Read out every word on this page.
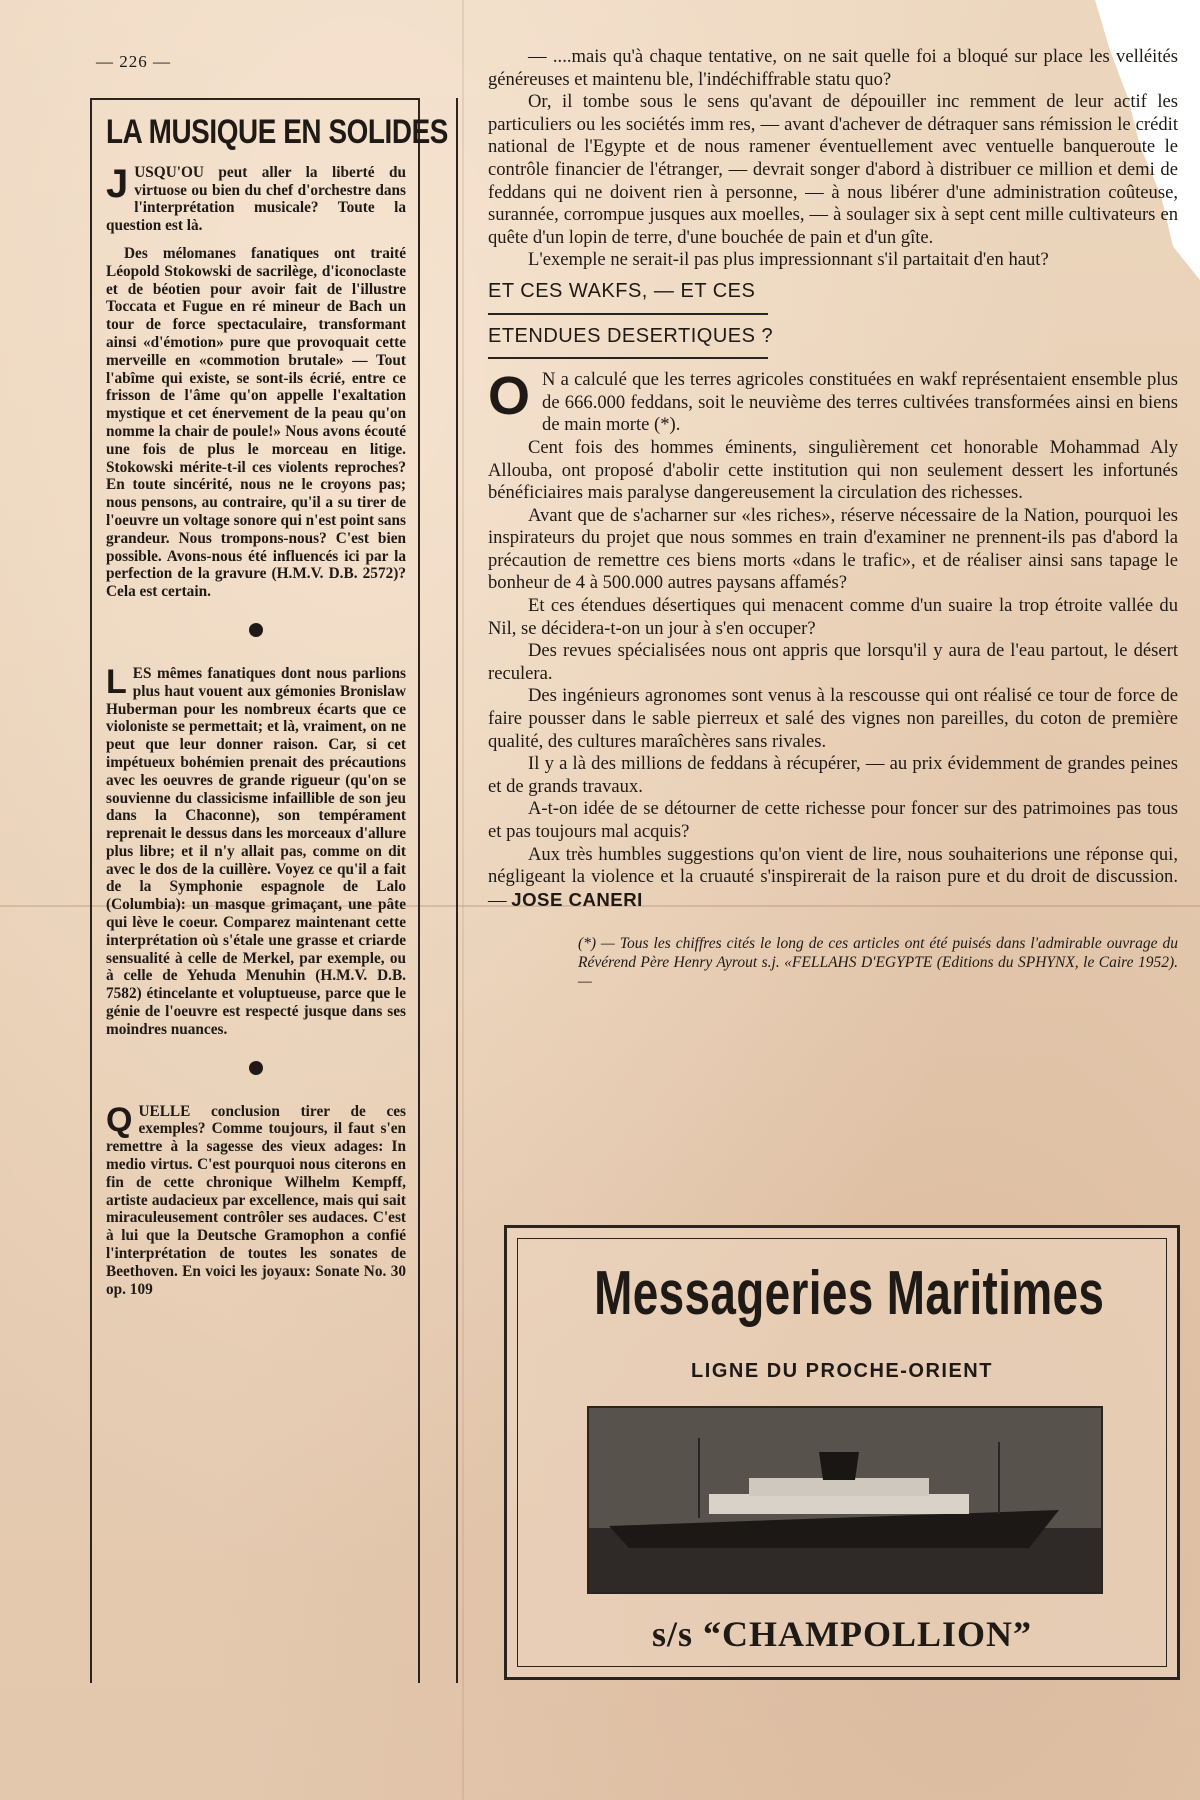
— 226 —
LA MUSIQUE EN SOLIDES

JUSQU'OU peut aller la liberté du virtuose ou bien du chef d'orchestre dans l'interprétation musicale? Toute la question est là.

Des mélomanes fanatiques ont traité Léopold Stokowski de sacrilège, d'iconoclaste et de béotien pour avoir fait de l'illustre Toccata et Fugue en ré mineur de Bach un tour de force spectaculaire, transformant ainsi «d'émotion» pure que provoquait cette merveille en «commotion brutale» — Tout l'abîme qui existe, se sont-ils écrié, entre ce frisson de l'âme qu'on appelle l'exaltation mystique et cet énervement de la peau qu'on nomme la chair de poule!» Nous avons écouté une fois de plus le morceau en litige. Stokowski mérite-t-il ces violents reproches? En toute sincérité, nous ne le croyons pas; nous pensons, au contraire, qu'il a su tirer de l'oeuvre un voltage sonore qui n'est point sans grandeur. Nous trompons-nous? C'est bien possible. Avons-nous été influencés ici par la perfection de la gravure (H.M.V. D.B. 2572)? Cela est certain.

LES mêmes fanatiques dont nous parlions plus haut vouent aux gémonies Bronislaw Huberman pour les nombreux écarts que ce violoniste se permettait; et là, vraiment, on ne peut que leur donner raison. Car, si cet impétueux bohémien prenait des précautions avec les oeuvres de grande rigueur (qu'on se souvienne du classicisme infaillible de son jeu dans la Chaconne), son tempérament reprenait le dessus dans les morceaux d'allure plus libre; et il n'y allait pas, comme on dit avec le dos de la cuillère. Voyez ce qu'il a fait de la Symphonie espagnole de Lalo (Columbia): un masque grimaçant, une pâte qui lève le coeur. Comparez maintenant cette interprétation où s'étale une grasse et criarde sensualité à celle de Merkel, par exemple, ou à celle de Yehuda Menuhin (H.M.V. D.B. 7582) étincelante et voluptueuse, parce que le génie de l'oeuvre est respecté jusque dans ses moindres nuances.

QUELLE conclusion tirer de ces exemples? Comme toujours, il faut s'en remettre à la sagesse des vieux adages: In medio virtus. C'est pourquoi nous citerons en fin de cette chronique Wilhelm Kempff, artiste audacieux par excellence, mais qui sait miraculeusement contrôler ses audaces. C'est à lui que la Deutsche Gramophon a confié l'interprétation de toutes les sonates de Beethoven. En voici les joyaux: Sonate No. 30 op. 109

— ....mais qu'à chaque tentative, on ne sait quelle foi a bloqué sur place les velléités généreuses et maintenu ble, l'indéchiffrable statu quo?

Or, il tombe sous le sens qu'avant de dépouiller inc remment de leur actif les particuliers ou les sociétés imm res, — avant d'achever de détraquer sans rémission le crédit national de l'Egypte et de nous ramener éventuellement avec ventuelle banqueroute le contrôle financier de l'étranger, — devrait songer d'abord à distribuer ce million et demi de feddans qui ne doivent rien à personne, — à nous libérer d'une administration coûteuse, surannée, corrompue jusques aux moelles, — à soulager six à sept cent mille cultivateurs en quête d'un lopin de terre, d'une bouchée de pain et d'un gîte.

L'exemple ne serait-il pas plus impressionnant s'il partaitait d'en haut?

ET CES WAKFS, — ET CES
ETENDUES DESERTIQUES ?

O N a calculé que les terres agricoles constituées en wakf représentaient ensemble plus de 666.000 feddans, soit le neuvième des terres cultivées transformées ainsi en biens de main morte (*).

Cent fois des hommes éminents, singulièrement cet honorable Mohammad Aly Allouba, ont proposé d'abolir cette institution qui non seulement dessert les infortunés bénéficiaires mais paralyse dangereusement la circulation des richesses.

Avant que de s'acharner sur «les riches», réserve nécessaire de la Nation, pourquoi les inspirateurs du projet que nous sommes en train d'examiner ne prennent-ils pas d'abord la précaution de remettre ces biens morts «dans le trafic», et de réaliser ainsi sans tapage le bonheur de 4 à 500.000 autres paysans affamés?

Et ces étendues désertiques qui menacent comme d'un suaire la trop étroite vallée du Nil, se décidera-t-on un jour à s'en occuper?

Des revues spécialisées nous ont appris que lorsqu'il y aura de l'eau partout, le désert reculera.

Des ingénieurs agronomes sont venus à la rescousse qui ont réalisé ce tour de force de faire pousser dans le sable pierreux et salé des vignes non pareilles, du coton de première qualité, des cultures maraîchères sans rivales.

Il y a là des millions de feddans à récupérer, — au prix évidemment de grandes peines et de grands travaux.

A-t-on idée de se détourner de cette richesse pour foncer sur des patrimoines pas tous et pas toujours mal acquis?

Aux très humbles suggestions qu'on vient de lire, nous souhaiterions une réponse qui, négligeant la violence et la cruauté s'inspirerait de la raison pure et du droit de discussion. — JOSE CANERI

(*) — Tous les chiffres cités le long de ces articles ont été puisés dans l'admirable ouvrage du Révérend Père Henry Ayrout s.j. «FELLAHS D'EGYPTE (Editions du SPHYNX, le Caire 1952). —
Messageries Maritimes
LIGNE DU PROCHE-ORIENT
s/s “CHAMPOLLION”
